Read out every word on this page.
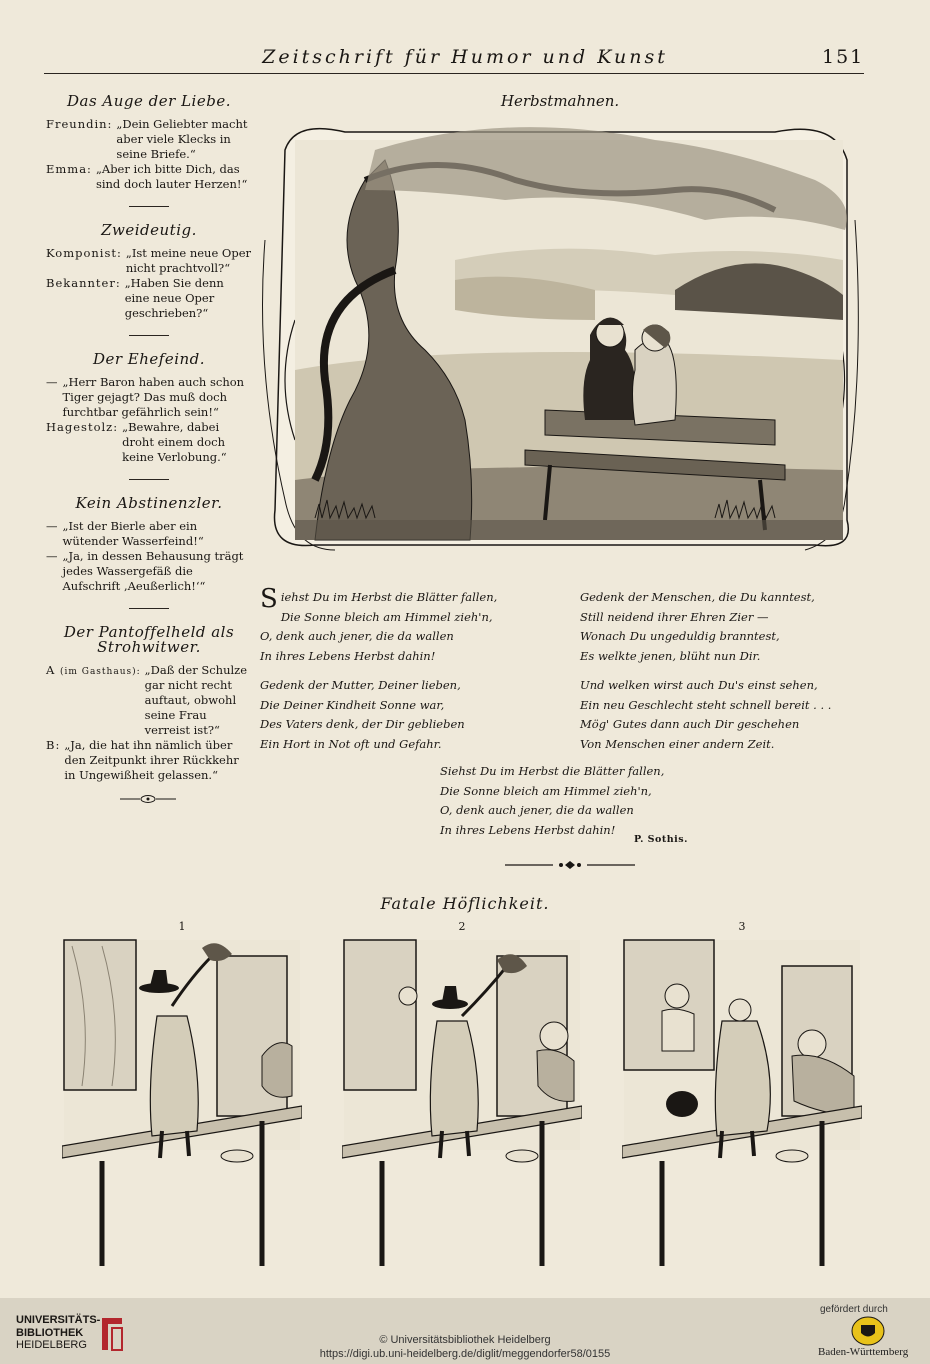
Zeitschrift für Humor und Kunst	151
Das Auge der Liebe.
Freundin: „Dein Geliebter macht aber viele Klecks in seine Briefe.“
Emma: „Aber ich bitte Dich, das sind doch lauter Herzen!“
Zweideutig.
Komponist: „Ist meine neue Oper nicht prachtvoll?“
Bekannter: „Haben Sie denn eine neue Oper geschrieben?“
Der Ehefeind.
— „Herr Baron haben auch schon Tiger gejagt? Das muß doch furchtbar gefährlich sein!“
Hagestolz: „Bewahre, dabei droht einem doch keine Verlobung.“
Kein Abstinenzler.
— „Ist der Bierle aber ein wütender Wasserfeind!“
— „Ja, in dessen Behausung trägt jedes Wassergefäß die Aufschrift ‚Aeußerlich!‘“
Der Pantoffelheld als Strohwitwer.
A (im Gasthaus): „Daß der Schulze gar nicht recht auftaut, obwohl seine Frau verreist ist?“
B: „Ja, die hat ihn nämlich über den Zeitpunkt ihrer Rückkehr in Ungewißheit gelassen.“
Herbstmahnen.
S iehst Du im Herbst die Blätter fallen,
Die Sonne bleich am Himmel zieh'n,
O, denk auch jener, die da wallen
In ihres Lebens Herbst dahin!
Gedenk der Mutter, Deiner lieben,
Die Deiner Kindheit Sonne war,
Des Vaters denk, der Dir geblieben
Ein Hort in Not oft und Gefahr.
Gedenk der Menschen, die Du kanntest,
Still neidend ihrer Ehren Zier —
Wonach Du ungeduldig branntest,
Es welkte jenen, blüht nun Dir.
Und welken wirst auch Du's einst sehen,
Ein neu Geschlecht steht schnell bereit . . .
Mög' Gutes dann auch Dir geschehen
Von Menschen einer andern Zeit.
Siehst Du im Herbst die Blätter fallen,
Die Sonne bleich am Himmel zieh'n,
O, denk auch jener, die da wallen
In ihres Lebens Herbst dahin!
P. Sothis.
Fatale Höflichkeit.
1	2	3
UNIVERSITÄTS-
BIBLIOTHEK
HEIDELBERG	© Universitätsbibliothek Heidelberg
https://digi.ub.uni-heidelberg.de/diglit/meggendorfer58/0155
gefördert durch
Baden-Württemberg
